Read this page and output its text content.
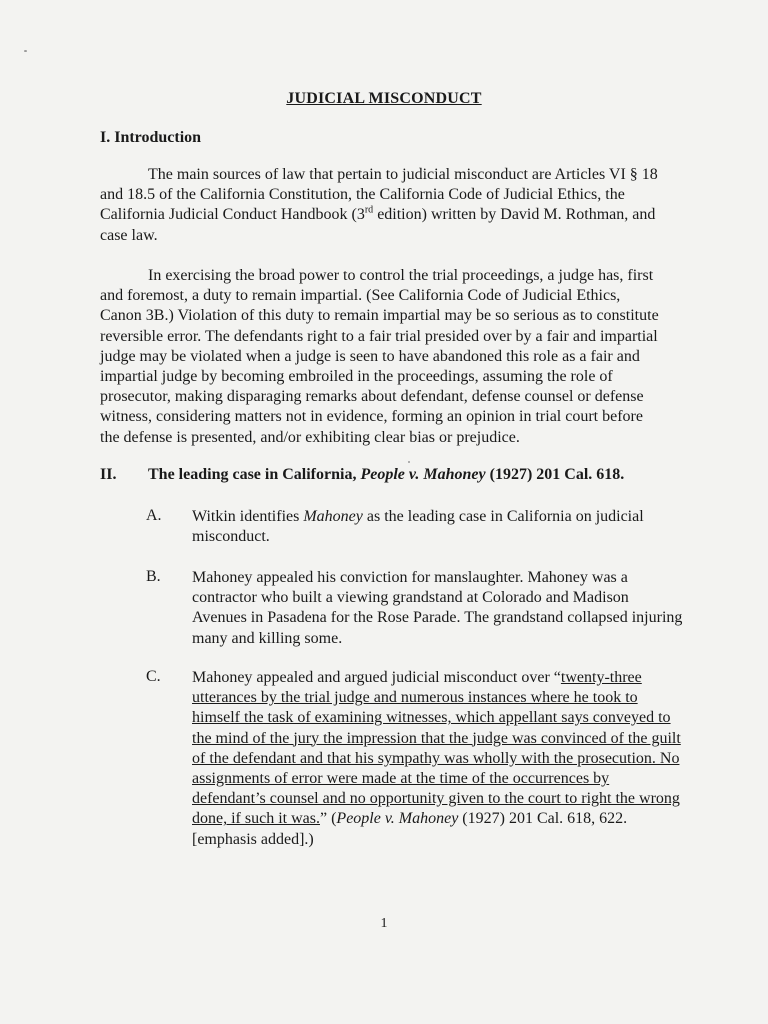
JUDICIAL MISCONDUCT
I. Introduction
The main sources of law that pertain to judicial misconduct are Articles VI § 18 and 18.5 of the California Constitution, the California Code of Judicial Ethics, the California Judicial Conduct Handbook (3rd edition) written by David M. Rothman, and case law.
In exercising the broad power to control the trial proceedings, a judge has, first and foremost, a duty to remain impartial. (See California Code of Judicial Ethics, Canon 3B.) Violation of this duty to remain impartial may be so serious as to constitute reversible error. The defendants right to a fair trial presided over by a fair and impartial judge may be violated when a judge is seen to have abandoned this role as a fair and impartial judge by becoming embroiled in the proceedings, assuming the role of prosecutor, making disparaging remarks about defendant, defense counsel or defense witness, considering matters not in evidence, forming an opinion in trial court before the defense is presented, and/or exhibiting clear bias or prejudice.
II. The leading case in California, People v. Mahoney (1927) 201 Cal. 618.
A. Witkin identifies Mahoney as the leading case in California on judicial misconduct.
B. Mahoney appealed his conviction for manslaughter. Mahoney was a contractor who built a viewing grandstand at Colorado and Madison Avenues in Pasadena for the Rose Parade. The grandstand collapsed injuring many and killing some.
C. Mahoney appealed and argued judicial misconduct over “twenty-three utterances by the trial judge and numerous instances where he took to himself the task of examining witnesses, which appellant says conveyed to the mind of the jury the impression that the judge was convinced of the guilt of the defendant and that his sympathy was wholly with the prosecution. No assignments of error were made at the time of the occurrences by defendant’s counsel and no opportunity given to the court to right the wrong done, if such it was.” (People v. Mahoney (1927) 201 Cal. 618, 622. [emphasis added].)
1
